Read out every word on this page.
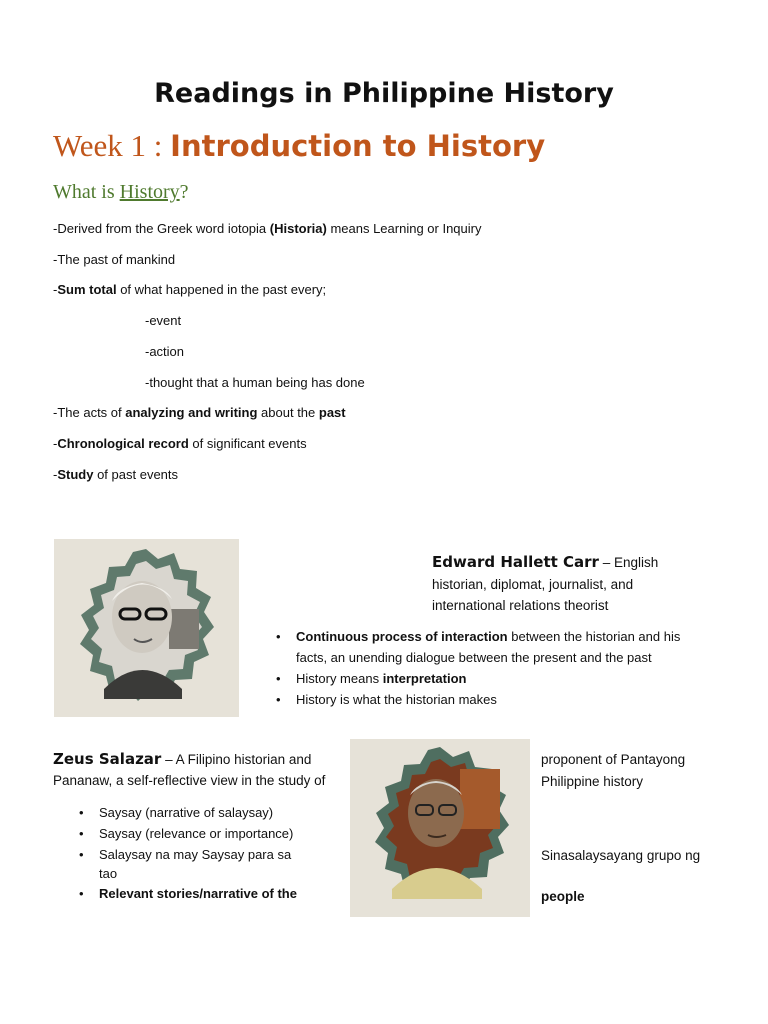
Readings in Philippine History
Week 1 : Introduction to History
What is History?
-Derived from the Greek word iotopia (Historia) means Learning or Inquiry
-The past of mankind
-Sum total of what happened in the past every;
-event
-action
-thought that a human being has done
-The acts of analyzing and writing about the past
-Chronological record of significant events
-Study of past events
Edward Hallett Carr – English
historian, diplomat, journalist, and
international relations theorist
• Continuous process of interaction between the historian and his
facts, an unending dialogue between the present and the past
• History means interpretation
• History is what the historian makes
Zeus Salazar – A Filipino historian and
Pananaw, a self-reflective view in the study of
• Saysay (narrative of salaysay)
• Saysay (relevance or importance)
• Salaysay na may Saysay para sa
tao
• Relevant stories/narrative of the
proponent of Pantayong
Philippine history
Sinasalaysayang grupo ng
people
